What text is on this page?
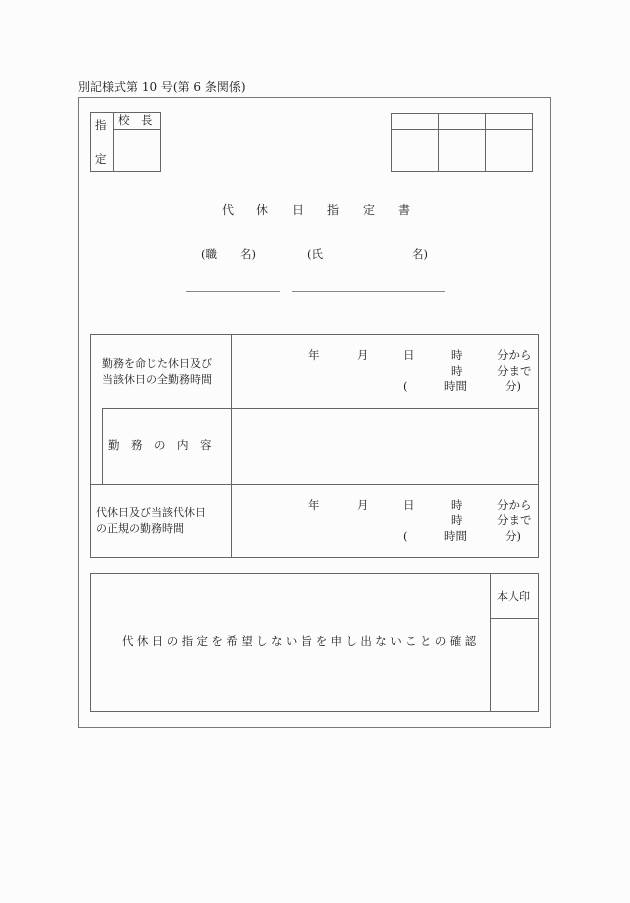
別記様式第 10 号(第 6 条関係)
指
定
校　長
代 休 日 指 定 書
(職　　名)	(氏	名)
勤務を命じた休日及び
当該休日の全勤務時間
年	月	日	時	分から
時	分まで
(	時間	分)
勤　務　の　内　容
代休日及び当該代休日
の正規の勤務時間
年	月	日	時	分から
時	分まで
(	時間	分)
代休日の指定を希望しない旨を申し出ないことの確認
本人印
